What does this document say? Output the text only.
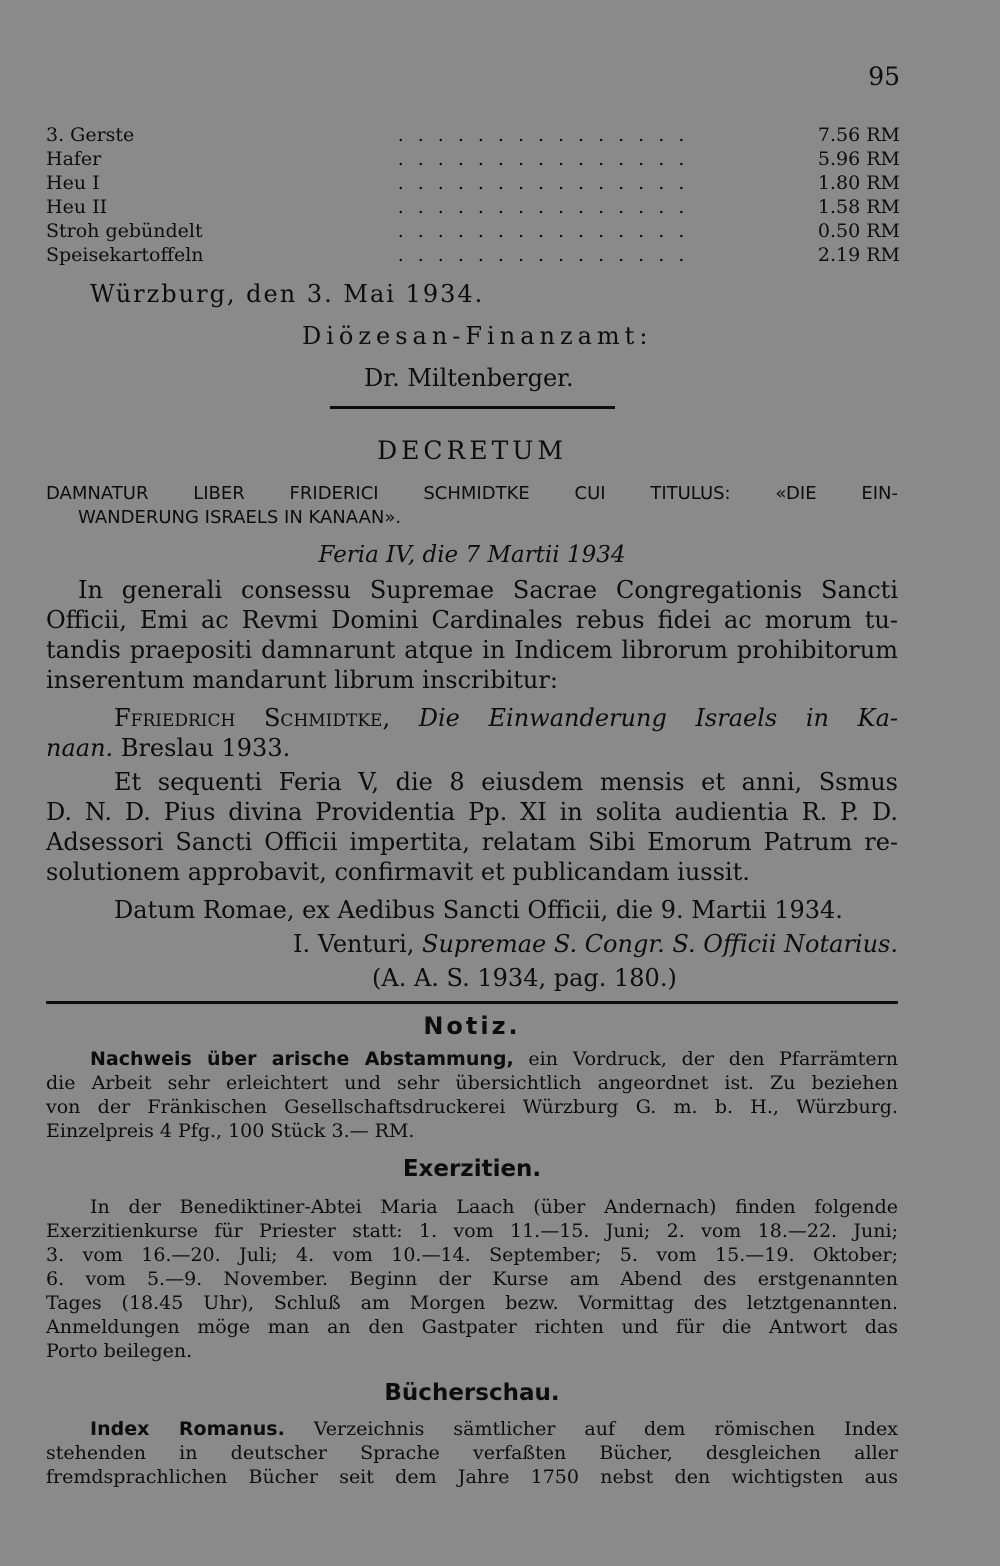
95
3. Gerste	...............	7.56 RM
Hafer	...............	5.96 RM
Heu I	...............	1.80 RM
Heu II	...............	1.58 RM
Stroh gebündelt	...............	0.50 RM
Speisekartoffeln	...............	2.19 RM
Würzburg, den 3. Mai 1934.
Diözesan-Finanzamt:
Dr. Miltenberger.
DECRETUM
DAMNATUR LIBER FRIDERICI SCHMIDTKE CUI TITULUS: «DIE EIN-
WANDERUNG ISRAELS IN KANAAN».
Feria IV, die 7 Martii 1934
In generali consessu Supremae Sacrae Congregationis Sancti
Officii, Emi ac Revmi Domini Cardinales rebus fidei ac morum tu-
tandis praepositi damnarunt atque in Indicem librorum prohibitorum
inserentum mandarunt librum inscribitur:
Ffriedrich Schmidtke, Die Einwanderung Israels in Ka-
naan. Breslau 1933.
Et sequenti Feria V, die 8 eiusdem mensis et anni, Ssmus
D. N. D. Pius divina Providentia Pp. XI in solita audientia R. P. D.
Adsessori Sancti Officii impertita, relatam Sibi Emorum Patrum re-
solutionem approbavit, confirmavit et publicandam iussit.
Datum Romae, ex Aedibus Sancti Officii, die 9. Martii 1934.
I. Venturi, Supremae S. Congr. S. Officii Notarius.
(A. A. S. 1934, pag. 180.)
Notiz.
Nachweis über arische Abstammung, ein Vordruck, der den Pfarrämtern
die Arbeit sehr erleichtert und sehr übersichtlich angeordnet ist. Zu beziehen
von der Fränkischen Gesellschaftsdruckerei Würzburg G. m. b. H., Würzburg.
Einzelpreis 4 Pfg., 100 Stück 3.— RM.
Exerzitien.
In der Benediktiner-Abtei Maria Laach (über Andernach) finden folgende
Exerzitienkurse für Priester statt: 1. vom 11.—15. Juni; 2. vom 18.—22. Juni;
3. vom 16.—20. Juli; 4. vom 10.—14. September; 5. vom 15.—19. Oktober;
6. vom 5.—9. November. Beginn der Kurse am Abend des erstgenannten
Tages (18.45 Uhr), Schluß am Morgen bezw. Vormittag des letztgenannten.
Anmeldungen möge man an den Gastpater richten und für die Antwort das
Porto beilegen.
Bücherschau.
Index Romanus. Verzeichnis sämtlicher auf dem römischen Index
stehenden in deutscher Sprache verfaßten Bücher, desgleichen aller
fremdsprachlichen Bücher seit dem Jahre 1750 nebst den wichtigsten aus
